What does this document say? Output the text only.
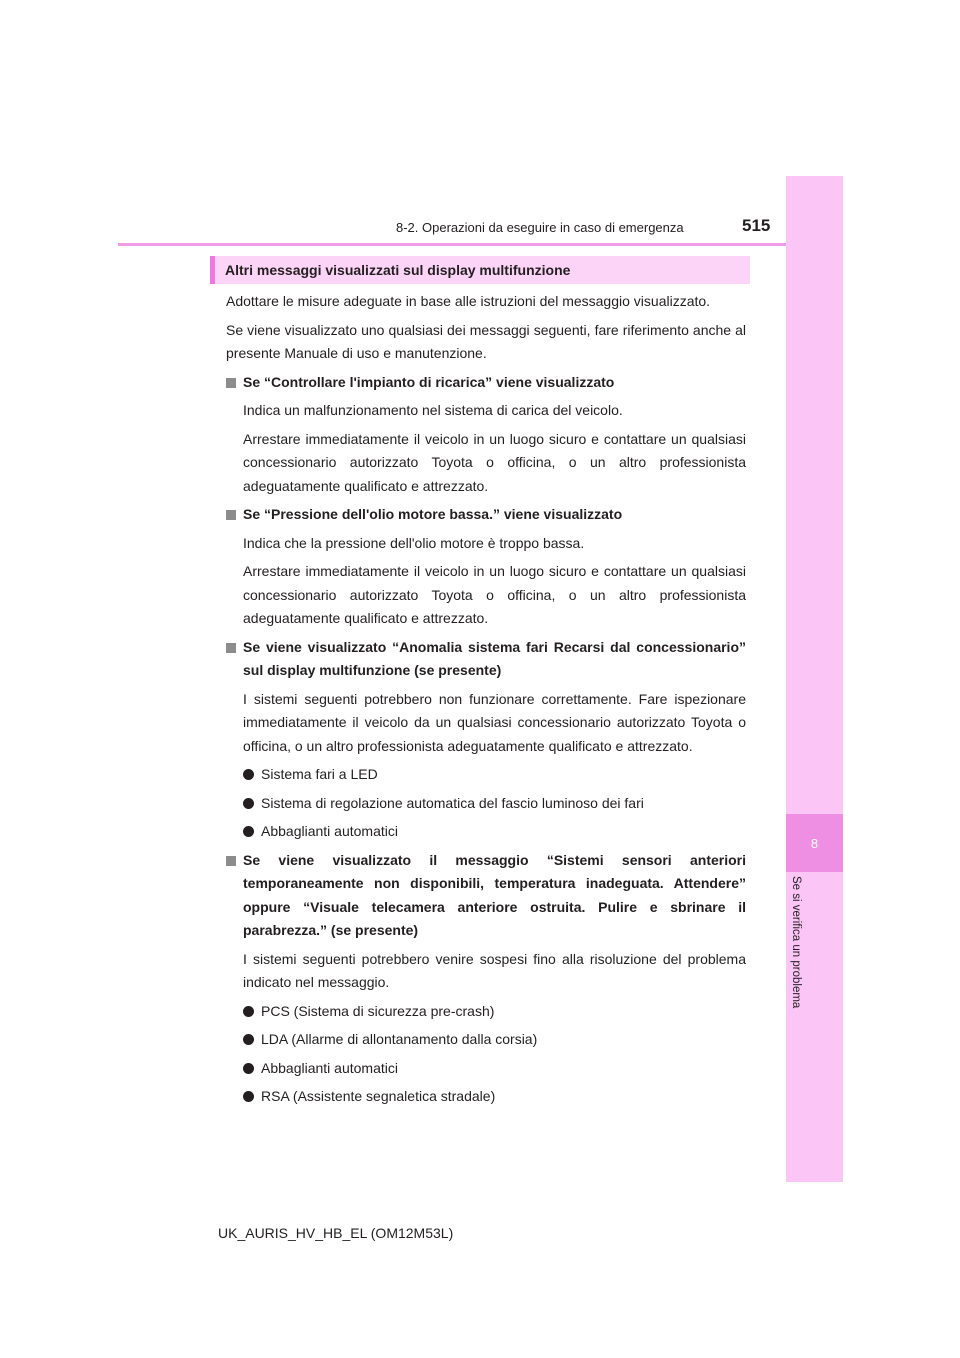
8
Se si verifica un problema
8-2. Operazioni da eseguire in caso di emergenza	515
Altri messaggi visualizzati sul display multifunzione

Adottare le misure adeguate in base alle istruzioni del messaggio visualizzato.

Se viene visualizzato uno qualsiasi dei messaggi seguenti, fare riferimento anche al presente Manuale di uso e manutenzione.

Se “Controllare l'impianto di ricarica” viene visualizzato

Indica un malfunzionamento nel sistema di carica del veicolo.

Arrestare immediatamente il veicolo in un luogo sicuro e contattare un qualsiasi concessionario autorizzato Toyota o officina, o un altro professionista adeguatamente qualificato e attrezzato.

Se “Pressione dell'olio motore bassa.” viene visualizzato

Indica che la pressione dell'olio motore è troppo bassa.

Arrestare immediatamente il veicolo in un luogo sicuro e contattare un qualsiasi concessionario autorizzato Toyota o officina, o un altro professionista adeguatamente qualificato e attrezzato.

Se viene visualizzato “Anomalia sistema fari Recarsi dal concessionario” sul display multifunzione (se presente)

I sistemi seguenti potrebbero non funzionare correttamente. Fare ispezionare immediatamente il veicolo da un qualsiasi concessionario autorizzato Toyota o officina, o un altro professionista adeguatamente qualificato e attrezzato.

Sistema fari a LED
Sistema di regolazione automatica del fascio luminoso dei fari
Abbaglianti automatici
Se viene visualizzato il messaggio “Sistemi sensori anteriori temporaneamente non disponibili, temperatura inadeguata. Attendere” oppure “Visuale telecamera anteriore ostruita. Pulire e sbrinare il parabrezza.” (se presente)

I sistemi seguenti potrebbero venire sospesi fino alla risoluzione del problema indicato nel messaggio.

PCS (Sistema di sicurezza pre-crash)
LDA (Allarme di allontanamento dalla corsia)
Abbaglianti automatici
RSA (Assistente segnaletica stradale)
UK_AURIS_HV_HB_EL (OM12M53L)
